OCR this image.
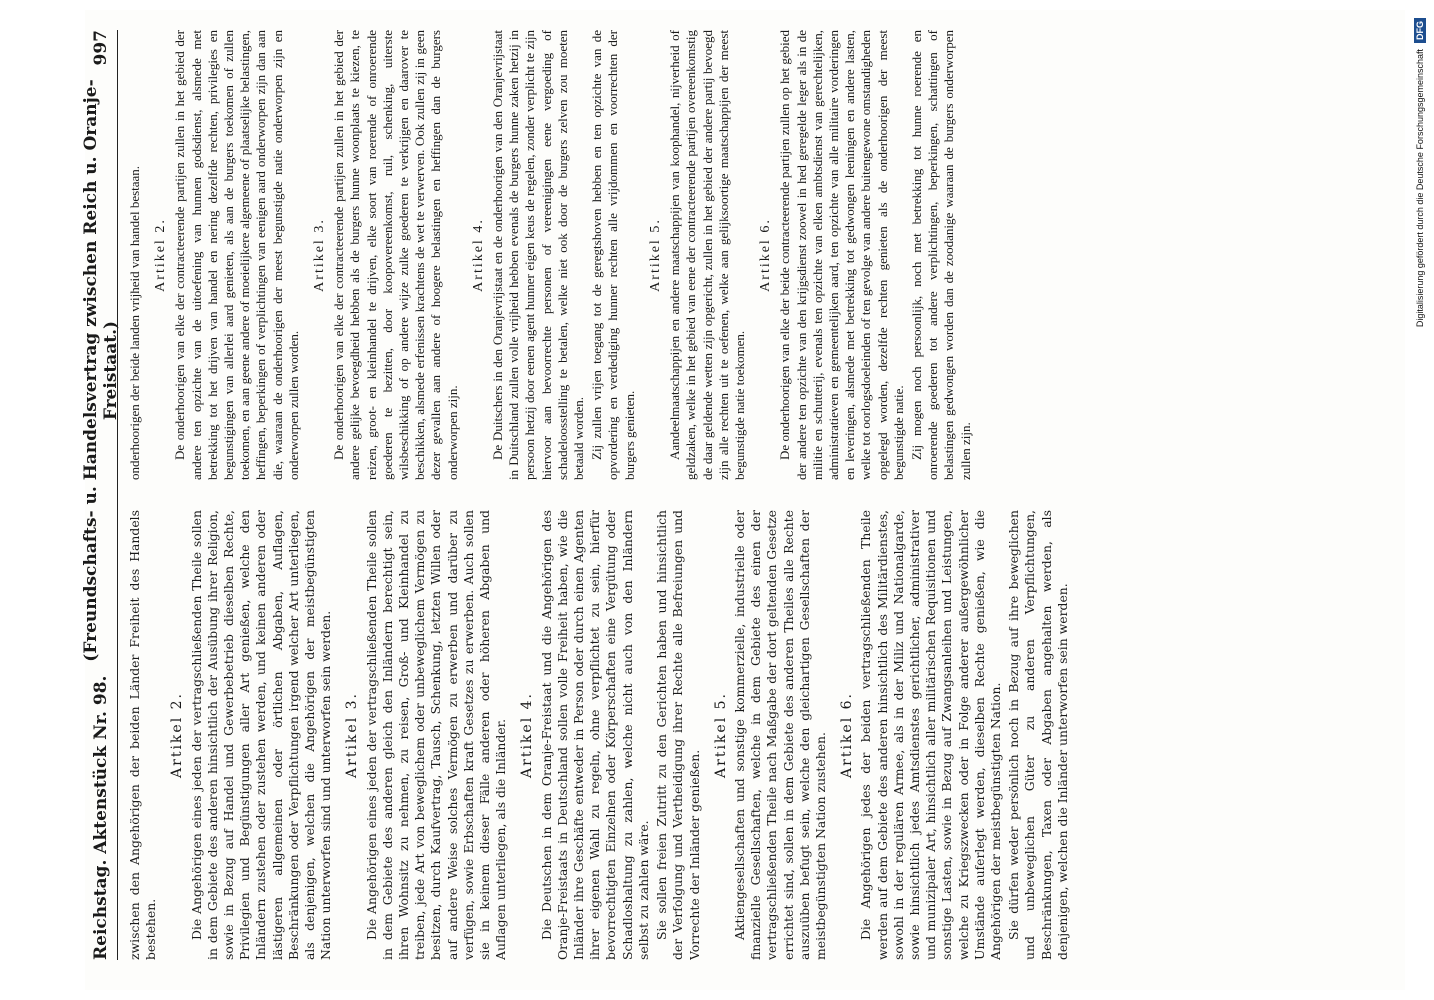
Reichstag. Aktenstück Nr. 98.
(Freundschafts- u. Handelsvertrag zwischen Reich u. Oranje-Freistaat.)
997

zwischen den Angehörigen der beiden Länder Freiheit des Handels bestehen.

Artikel 2. Die Angehörigen eines jeden der vertragschließenden Theile sollen in dem Gebiete des anderen hinsichtlich der Ausübung ihrer Religion, sowie in Bezug auf Handel und Gewerbebetrieb dieselben Rechte, Privilegien und Begünstigungen aller Art genießen, welche den Inländern zustehen oder zustehen werden, und keinen anderen oder lästigeren allgemeinen oder örtlichen Abgaben, Auflagen, Beschränkungen oder Verpflichtungen irgend welcher Art unterliegen, als denjenigen, welchen die Angehörigen der meistbegünstigten Nation unterworfen sind und unterworfen sein werden. Artikel 3. Die Angehörigen eines jeden der vertragschließenden Theile sollen in dem Gebiete des anderen gleich den Inländern berechtigt sein, ihren Wohnsitz zu nehmen, zu reisen, Groß- und Kleinhandel zu treiben, jede Art von beweglichem oder unbeweglichem Vermögen zu besitzen, durch Kaufvertrag, Tausch, Schenkung, letzten Willen oder auf andere Weise solches Vermögen zu erwerben und darüber zu verfügen, sowie Erbschaften kraft Gesetzes zu erwerben. Auch sollen sie in keinem dieser Fälle anderen oder höheren Abgaben und Auflagen unterliegen, als die Inländer. Artikel 4. Die Deutschen in dem Oranje-Freistaat und die Angehörigen des Oranje-Freistaats in Deutschland sollen volle Freiheit haben, wie die Inländer ihre Geschäfte entweder in Person oder durch einen Agenten ihrer eigenen Wahl zu regeln, ohne verpflichtet zu sein, hierfür bevorrechtigten Einzelnen oder Körperschaften eine Vergütung oder Schadloshaltung zu zahlen, welche nicht auch von den Inländern selbst zu zahlen wäre. Sie sollen freien Zutritt zu den Gerichten haben und hinsichtlich der Verfolgung und Vertheidigung ihrer Rechte alle Befreiungen und Vorrechte der Inländer genießen.

Artikel 5. Aktiengesellschaften und sonstige kommerzielle, industrielle oder finanzielle Gesellschaften, welche in dem Gebiete des einen der vertragschließenden Theile nach Maßgabe der dort geltenden Gesetze errichtet sind, sollen in dem Gebiete des anderen Theiles alle Rechte auszuüben befugt sein, welche den gleichartigen Gesellschaften der meistbegünstigten Nation zustehen. Artikel 6. Die Angehörigen jedes der beiden vertragschließenden Theile werden auf dem Gebiete des anderen hinsichtlich des Militärdienstes, sowohl in der regulären Armee, als in der Miliz und Nationalgarde, sowie hinsichtlich jedes Amtsdienstes gerichtlicher, administrativer und munizipaler Art, hinsichtlich aller militärischen Requisitionen und sonstige Lasten, sowie in Bezug auf Zwangsanleihen und Leistungen, welche zu Kriegszwecken oder in Folge anderer außergewöhnlicher Umstände auferlegt werden, dieselben Rechte genießen, wie die Angehörigen der meistbegünstigten Nation. Sie dürfen weder persönlich noch in Bezug auf ihre beweglichen und unbeweglichen Güter zu anderen Verpflichtungen, Beschränkungen, Taxen oder Abgaben angehalten werden, als denjenigen, welchen die Inländer unterworfen sein werden.

onderhoorigen der beide landen vrijheid van handel bestaan. Artikel 2. De onderhoorigen van elke der contracteerende partijen zullen in het gebied der andere ten opzichte van de uitoefening van hunnen godsdienst, alsmede met betrekking tot het drijven van handel en nering dezelfde rechten, privilegies en begunstigingen van allerlei aard genieten, als aan de burgers toekomen of zullen toekomen, en aan geene andere of moeielijkere algemeene of plaatselijke belastingen, heffingen, beperkingen of verplichtingen van eenigen aard onderworpen zijn dan aan die, waaraan de onderhoorigen der meest begunstigde natie onderworpen zijn en onderworpen zullen worden.

Artikel 3. De onderhoorigen van elke der contracteerende partijen zullen in het gebied der andere gelijke bevoegdheid hebben als de burgers hunne woonplaats te kiezen, te reizen, groot- en kleinhandel te drijven, elke soort van roerende of onroerende goederen te bezitten, door koopovereenkomst, ruil, schenking, uiterste wilsbeschikking of op andere wijze zulke goederen te verkrijgen en daarover te beschikken, alsmede erfenissen krachtens de wet te verwerven. Ook zullen zij in geen dezer gevallen aan andere of hoogere belastingen en heffingen dan de burgers onderworpen zijn.

Artikel 4. De Duitschers in den Oranjevrijstaat en de onderhoorigen van den Oranjevrijstaat in Duitschland zullen volle vrijheid hebben evenals de burgers hunne zaken hetzij in persoon hetzij door eenen agent hunner eigen keus de regelen, zonder verplicht te zijn hiervoor aan bevoorrechte personen of vereenigingen eene vergoeding of schadeloosstelling te betalen, welke niet ook door de burgers zelven zou moeten betaald worden. Zij zullen vrijen toegang tot de geregtshoven hebben en ten opzichte van de opvordering en verdediging hunner rechten alle vrijdommen en voorrechten der burgers genieten.

Artikel 5. Aandeelmaatschappijen en andere maatschappijen van koophandel, nijverheid of geldzaken, welke in het gebied van eene der contracteerende partijen overeenkomstig de daar geldende wetten zijn opgericht, zullen in het gebied der andere partij bevoegd zijn alle rechten uit te oefenen, welke aan gelijksoortige maatschappijen der meest begunstigde natie toekomen.

Artikel 6. De onderhoorigen van elke der beide contracteerende partijen zullen op het gebied der andere ten opzichte van den krijgsdienst zoowel in hed geregelde leger als in de militie en schutterij, evenals ten opzichte van elken ambtsdienst van gerechtelijken, administratieven en gemeentelijken aard, ten opzichte van alle militaire vorderingen en leveringen, alsmede met betrekking tot gedwongen leeningen en andere lasten, welke tot oorlogsdoeleinden of ten gevolge van andere buitengewone omstandigheden opgelegd worden, dezelfde rechten genieten als de onderhoorigen der meest begunstigde natie. Zij mogen noch persoonlijk, noch met betrekking tot hunne roerende en onroerende goederen tot andere verplichtingen, beperkingen, schattingen of belastingen gedwongen worden dan de zoodanige waaraan de burgers onderworpen zullen zijn.

Digitalisierung gefördert durch die Deutsche Forschungsgemeinschaft
DFG
